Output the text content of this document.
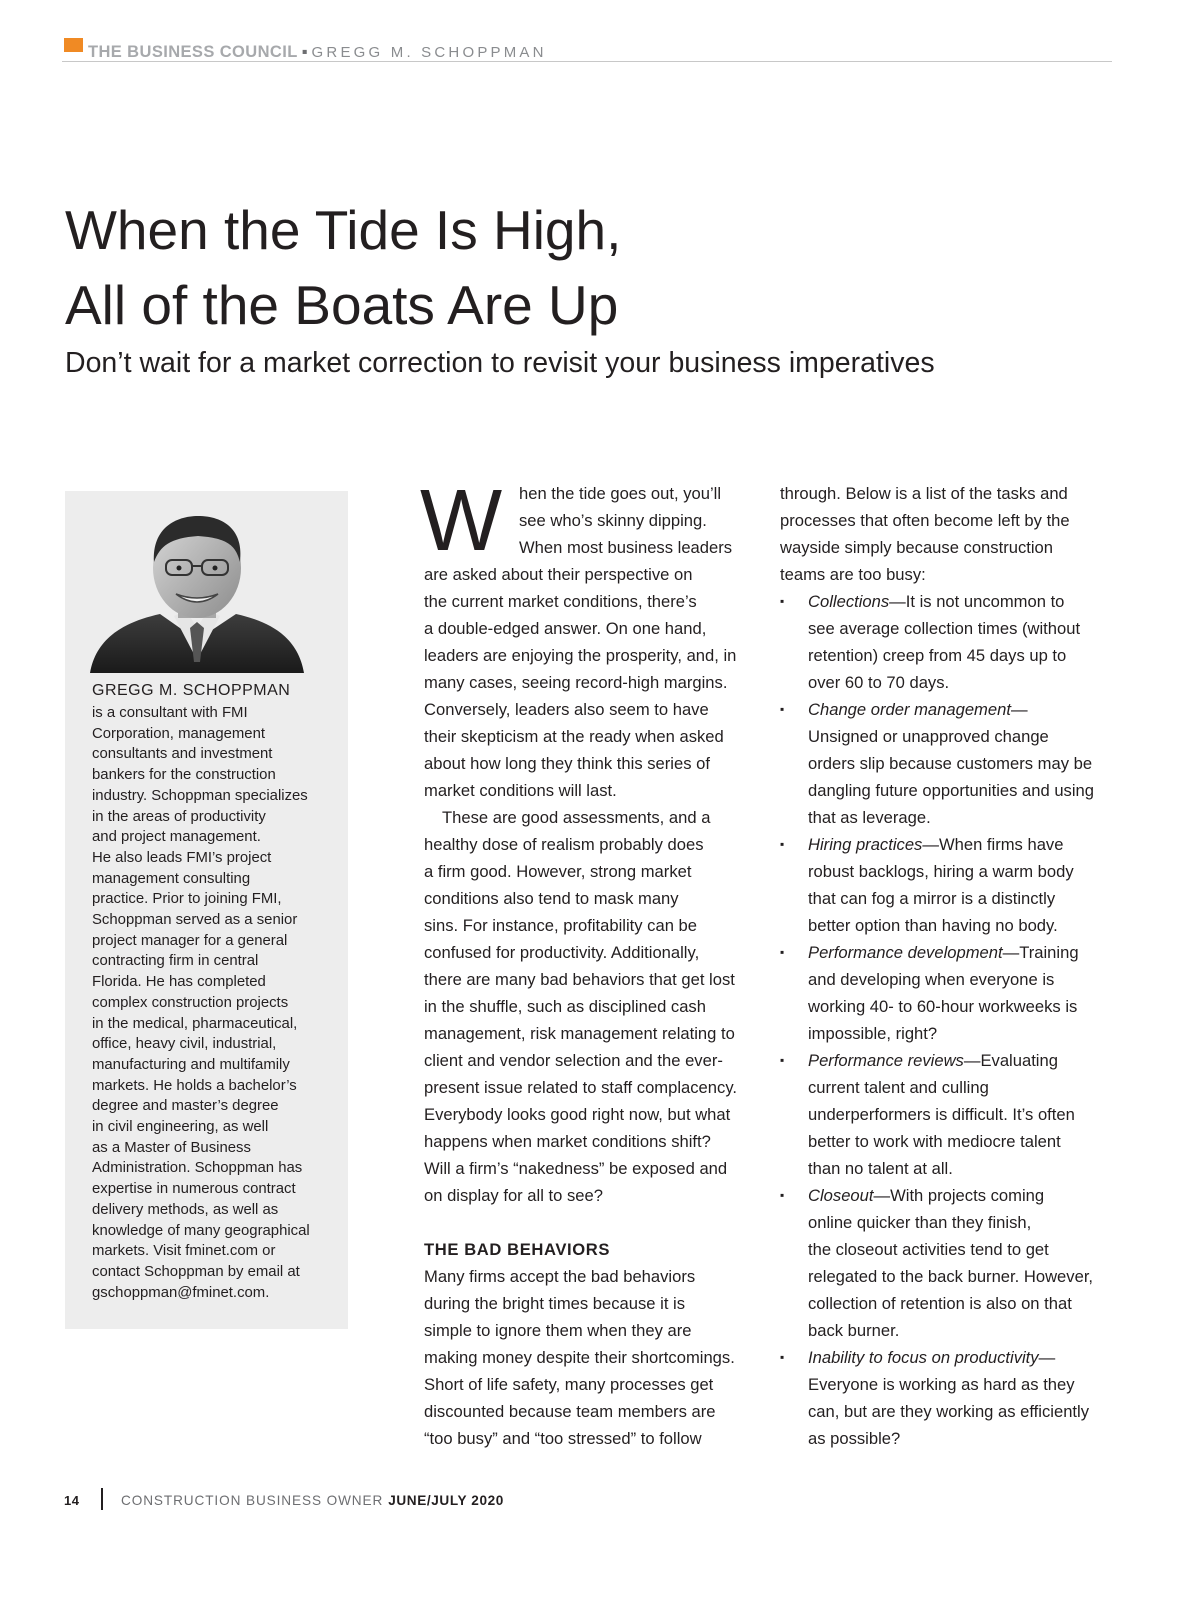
THE BUSINESS COUNCIL ▪ GREGG M. SCHOPPMAN
When the Tide Is High,
All of the Boats Are Up
Don’t wait for a market correction to revisit your business imperatives
GREGG M. SCHOPPMAN

is a consultant with FMI
Corporation, management
consultants and investment
bankers for the construction
industry. Schoppman specializes
in the areas of productivity
and project management.
He also leads FMI’s project
management consulting
practice. Prior to joining FMI,
Schoppman served as a senior
project manager for a general
contracting firm in central
Florida. He has completed
complex construction projects
in the medical, pharmaceutical,
office, heavy civil, industrial,
manufacturing and multifamily
markets. He holds a bachelor’s
degree and master’s degree
in civil engineering, as well
as a Master of Business
Administration. Schoppman has
expertise in numerous contract
delivery methods, as well as
knowledge of many geographical
markets. Visit fminet.com or
contact Schoppman by email at
gschoppman@fminet.com.

W	hen the tide goes out, you’ll
see who’s skinny dipping.
When most business leaders
are asked about their perspective on
the current market conditions, there’s
a double-edged answer. On one hand,
leaders are enjoying the prosperity, and, in
many cases, seeing record-high margins.
Conversely, leaders also seem to have
their skepticism at the ready when asked
about how long they think this series of
market conditions will last.
These are good assessments, and a
healthy dose of realism probably does
a firm good. However, strong market
conditions also tend to mask many
sins. For instance, profitability can be
confused for productivity. Additionally,
there are many bad behaviors that get lost
in the shuffle, such as disciplined cash
management, risk management relating to
client and vendor selection and the ever-
present issue related to staff complacency.
Everybody looks good right now, but what
happens when market conditions shift?
Will a firm’s “nakedness” be exposed and
on display for all to see?
THE BAD BEHAVIORS
Many firms accept the bad behaviors
during the bright times because it is
simple to ignore them when they are
making money despite their shortcomings.
Short of life safety, many processes get
discounted because team members are
“too busy” and “too stressed” to follow
through. Below is a list of the tasks and
processes that often become left by the
wayside simply because construction
teams are too busy:
▪ Collections—It is not uncommon to
see average collection times (without
retention) creep from 45 days up to
over 60 to 70 days.
▪ Change order management—
Unsigned or unapproved change
orders slip because customers may be
dangling future opportunities and using
that as leverage.
▪ Hiring practices—When firms have
robust backlogs, hiring a warm body
that can fog a mirror is a distinctly
better option than having no body.
▪ Performance development—Training
and developing when everyone is
working 40- to 60-hour workweeks is
impossible, right?
▪ Performance reviews—Evaluating
current talent and culling
underperformers is difficult. It’s often
better to work with mediocre talent
than no talent at all.
▪ Closeout—With projects coming
online quicker than they finish,
the closeout activities tend to get
relegated to the back burner. However,
collection of retention is also on that
back burner.
▪ Inability to focus on productivity—
Everyone is working as hard as they
can, but are they working as efficiently
as possible?
14	CONSTRUCTION BUSINESS OWNER JUNE/JULY 2020
